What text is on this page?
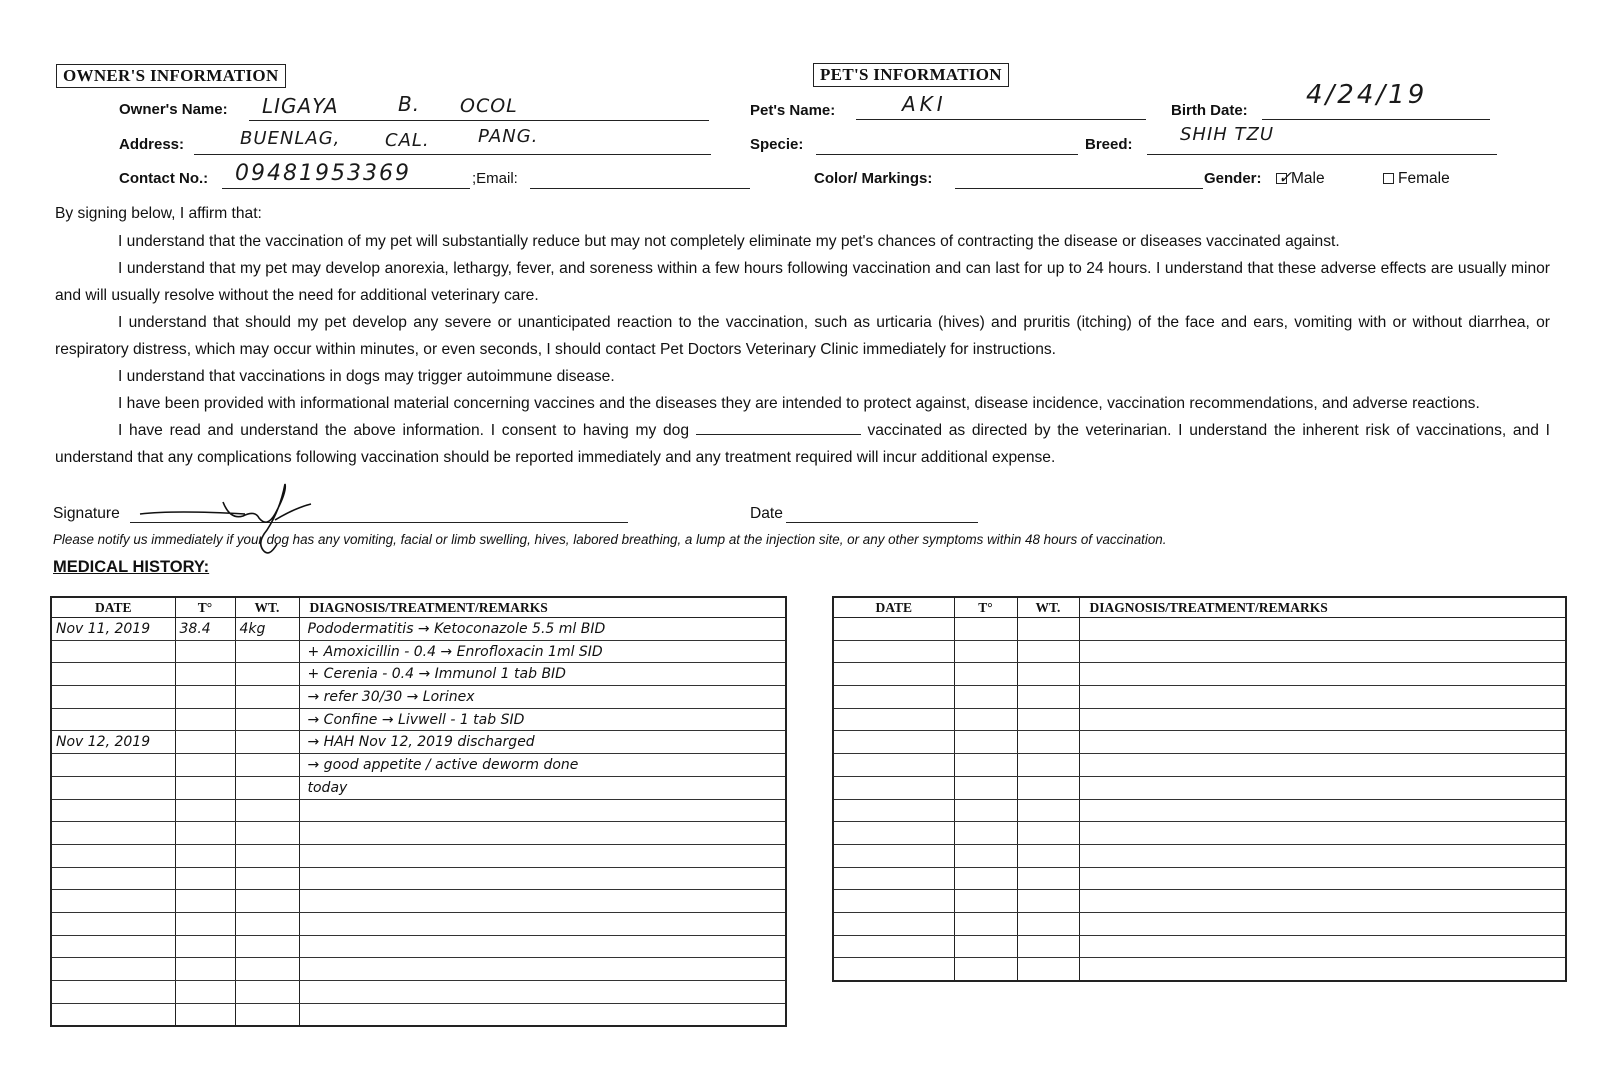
OWNER'S INFORMATION
Owner's Name: LIGAYA	B. OCOL
Address:	BUENLAG, CAL.	PANG.
Contact No.: 09481953369	;Email:
PET'S INFORMATION
Pet's Name:	AKI	Birth Date:
4/24/19
Specie:	Breed:	SHIH TZU
Color/ Markings:	Gender:	Male
✓	Female
By signing below, I affirm that:

I understand that the vaccination of my pet will substantially reduce but may not completely eliminate my pet's chances of contracting the disease or diseases vaccinated against.

I understand that my pet may develop anorexia, lethargy, fever, and soreness within a few hours following vaccination and can last for up to 24 hours. I understand that these adverse effects are usually minor and will usually resolve without the need for additional veterinary care.

I understand that should my pet develop any severe or unanticipated reaction to the vaccination, such as urticaria (hives) and pruritis (itching) of the face and ears, vomiting with or without diarrhea, or respiratory distress, which may occur within minutes, or even seconds, I should contact Pet Doctors Veterinary Clinic immediately for instructions.

I understand that vaccinations in dogs may trigger autoimmune disease.

I have been provided with informational material concerning vaccines and the diseases they are intended to protect against, disease incidence, vaccination recommendations, and adverse reactions.

I have read and understand the above information. I consent to having my dog	vaccinated as directed by the veterinarian. I understand the inherent risk of vaccinations, and I understand that any complications following vaccination should be reported immediately and any treatment required will incur additional expense.

Signature	Date
Please notify us immediately if your dog has any vomiting, facial or limb swelling, hives, labored breathing, a lump at the injection site, or any other symptoms within 48 hours of vaccination.
MEDICAL HISTORY:
DATE	T°	WT.	DIAGNOSIS/TREATMENT/REMARKS
Nov 11, 2019	38.4	4kg	Pododermatitis → Ketoconazole 5.5 ml BID
			+ Amoxicillin - 0.4 → Enrofloxacin 1ml SID
			+ Cerenia - 0.4 → Immunol 1 tab BID
			→ refer 30/30 → Lorinex
			→ Confine → Livwell - 1 tab SID
Nov 12, 2019			→ HAH Nov 12, 2019 discharged
			→ good appetite / active deworm done
			today

DATE	T°	WT.	DIAGNOSIS/TREATMENT/REMARKS
